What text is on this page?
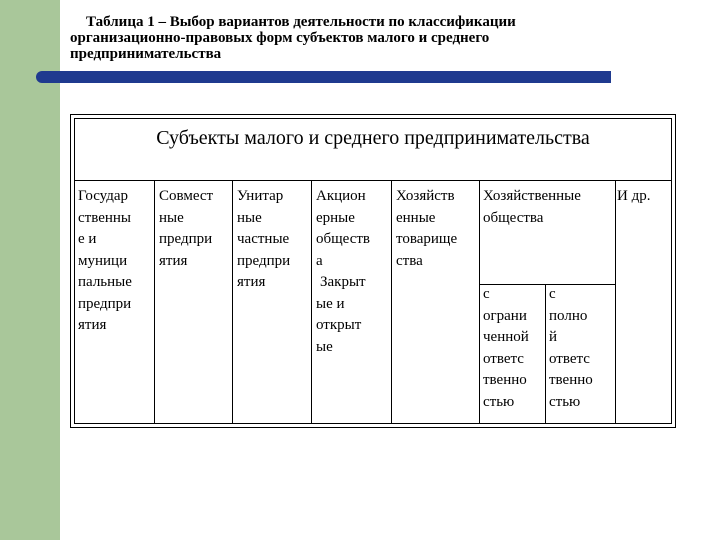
Таблица 1 – Выбор вариантов деятельности по классификации организационно-правовых форм субъектов малого и среднего предпринимательства
Субъекты малого и среднего предпринимательства
Государ
ственны
е и
муници
пальные
предпри
ятия
Совмест
ные
предпри
ятия
Унитар
ные
частные
предпри
ятия
Акцион
ерные
обществ
а
Закрыт
ые и
открыт
ые
Хозяйств
енные
товарище
ства
Хозяйственные
общества
И др.
с
ограни
ченной
ответс
твенно
стью
с
полно
й
ответс
твенно
стью
